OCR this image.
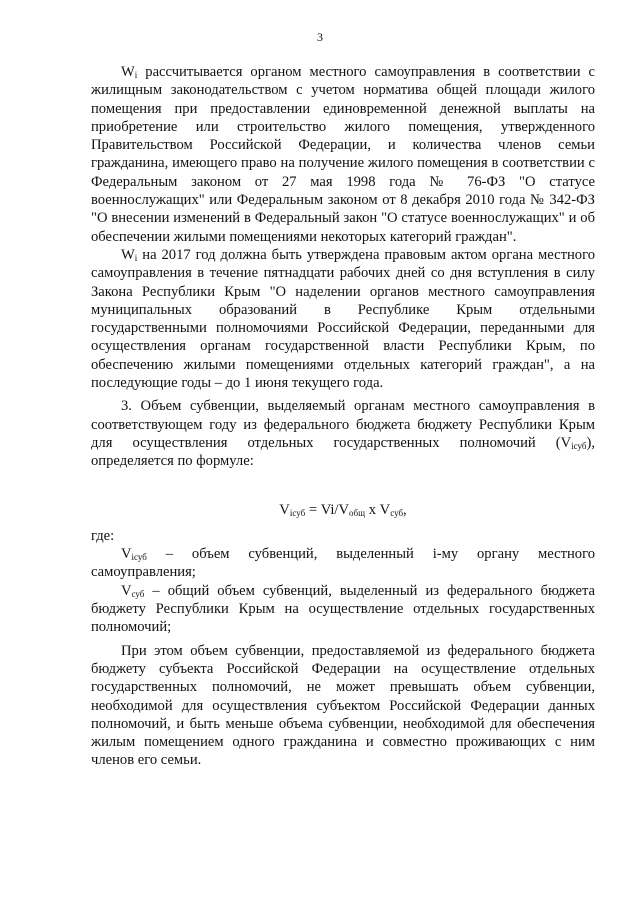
3

$W_i$ рассчитывается органом местного самоуправления в соответствии с жилищным законодательством с учетом норматива общей площади жилого помещения при предоставлении единовременной денежной выплаты на приобретение или строительство жилого помещения, утвержденного Правительством Российской Федерации, и количества членов семьи гражданина, имеющего право на получение жилого помещения в соответствии с Федеральным законом от 27 мая 1998 года № 76-ФЗ "О статусе военнослужащих" или Федеральным законом от 8 декабря 2010 года № 342-ФЗ "О внесении изменений в Федеральный закон "О статусе военнослужащих" и об обеспечении жилыми помещениями некоторых категорий граждан".

$W_i$ на 2017 год должна быть утверждена правовым актом органа местного самоуправления в течение пятнадцати рабочих дней со дня вступления в силу Закона Республики Крым "О наделении органов местного самоуправления муниципальных образований в Республике Крым отдельными государственными полномочиями Российской Федерации, переданными для осуществления органам государственной власти Республики Крым, по обеспечению жилыми помещениями отдельных категорий граждан", а на последующие годы – до 1 июня текущего года.

3. Объем субвенции, выделяемый органам местного самоуправления в соответствующем году из федерального бюджета бюджету Республики Крым для осуществления отдельных государственных полномочий $(V_{iсуб})$, определяется по формуле:

$V_{iсуб} = Vi/V_{общ}$ х $V_{суб}$,

где:

$V_{iсуб}$ – объем субвенций, выделенный i-му органу местного самоуправления;

$V_{суб}$ – общий объем субвенций, выделенный из федерального бюджета бюджету Республики Крым на осуществление отдельных государственных полномочий;

При этом объем субвенции, предоставляемой из федерального бюджета бюджету субъекта Российской Федерации на осуществление отдельных государственных полномочий, не может превышать объем субвенции, необходимой для осуществления субъектом Российской Федерации данных полномочий, и быть меньше объема субвенции, необходимой для обеспечения жилым помещением одного гражданина и совместно проживающих с ним членов его семьи.
